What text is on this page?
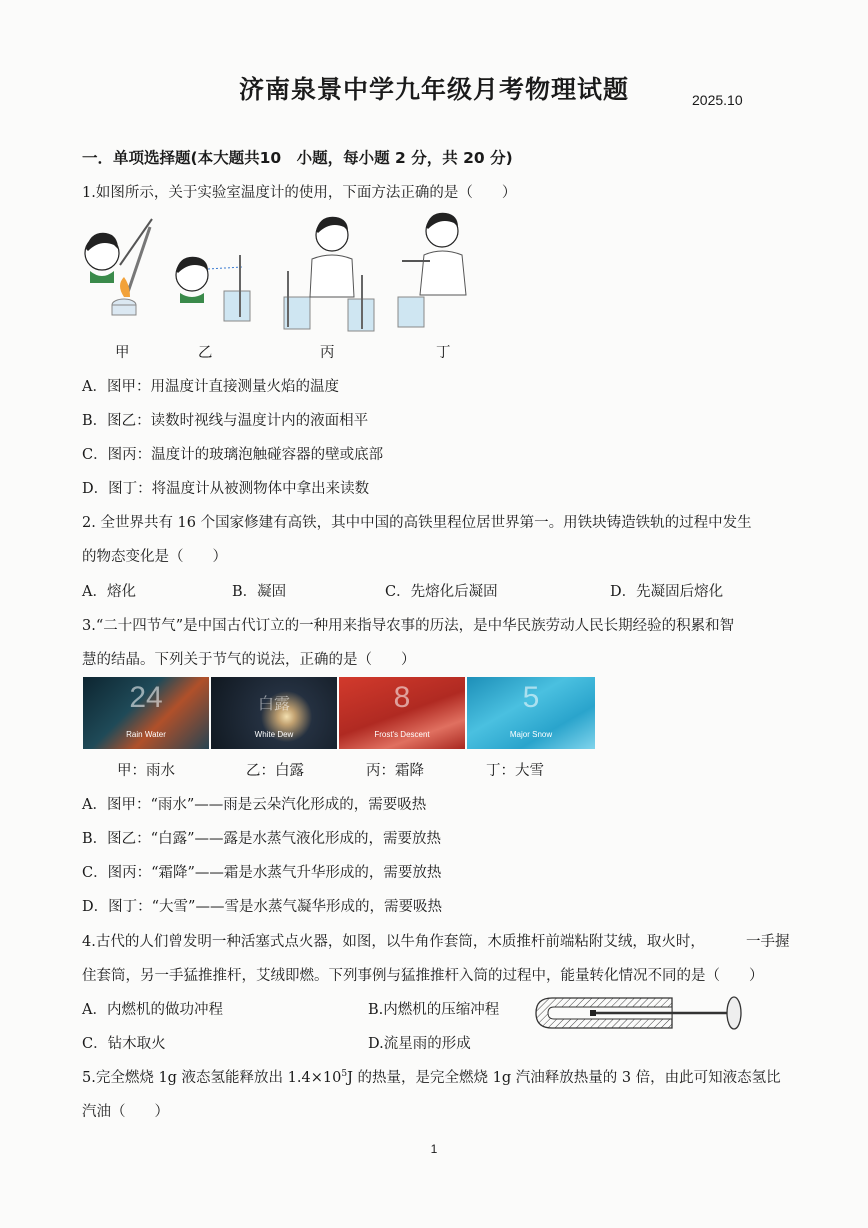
济南泉景中学九年级月考物理试题	2025.10
一．单项选择题(本大题共10　小题，每小题 2 分，共 20 分)
1.如图所示，关于实验室温度计的使用，下面方法正确的是（　　）
甲	乙	丙	丁
A．图甲：用温度计直接测量火焰的温度
B．图乙：读数时视线与温度计内的液面相平
C．图丙：温度计的玻璃泡触碰容器的壁或底部
D．图丁：将温度计从被测物体中拿出来读数
2. 全世界共有 16 个国家修建有高铁，其中中国的高铁里程位居世界第一。用铁块铸造铁轨的过程中发生
的物态变化是（　　）
A．熔化	B．凝固	C．先熔化后凝固	D．先凝固后熔化
3.“二十四节气”是中国古代订立的一种用来指导农事的历法，是中华民族劳动人民长期经验的积累和智
慧的结晶。下列关于节气的说法，正确的是（　　）
24
Rain Water
白露
White Dew
8
Frost's Descent
5
Major Snow
甲：雨水	乙：白露	丙：霜降	丁：大雪
A．图甲：“雨水”——雨是云朵汽化形成的，需要吸热
B．图乙：“白露”——露是水蒸气液化形成的，需要放热
C．图丙：“霜降”——霜是水蒸气升华形成的，需要放热
D．图丁：“大雪”——雪是水蒸气凝华形成的，需要吸热
4.古代的人们曾发明一种活塞式点火器，如图，以牛角作套筒，木质推杆前端粘附艾绒，取火时，	一手握
住套筒，另一手猛推推杆，艾绒即燃。下列事例与猛推推杆入筒的过程中，能量转化情况不同的是（　　）
A．内燃机的做功冲程	B.内燃机的压缩冲程
C．钻木取火	D.流星雨的形成
5.完全燃烧 1g 液态氢能释放出 $1.4\times 10^5J$ 的热量，是完全燃烧 1g 汽油释放热量的 3 倍，由此可知液态氢比
汽油（　　）
1
